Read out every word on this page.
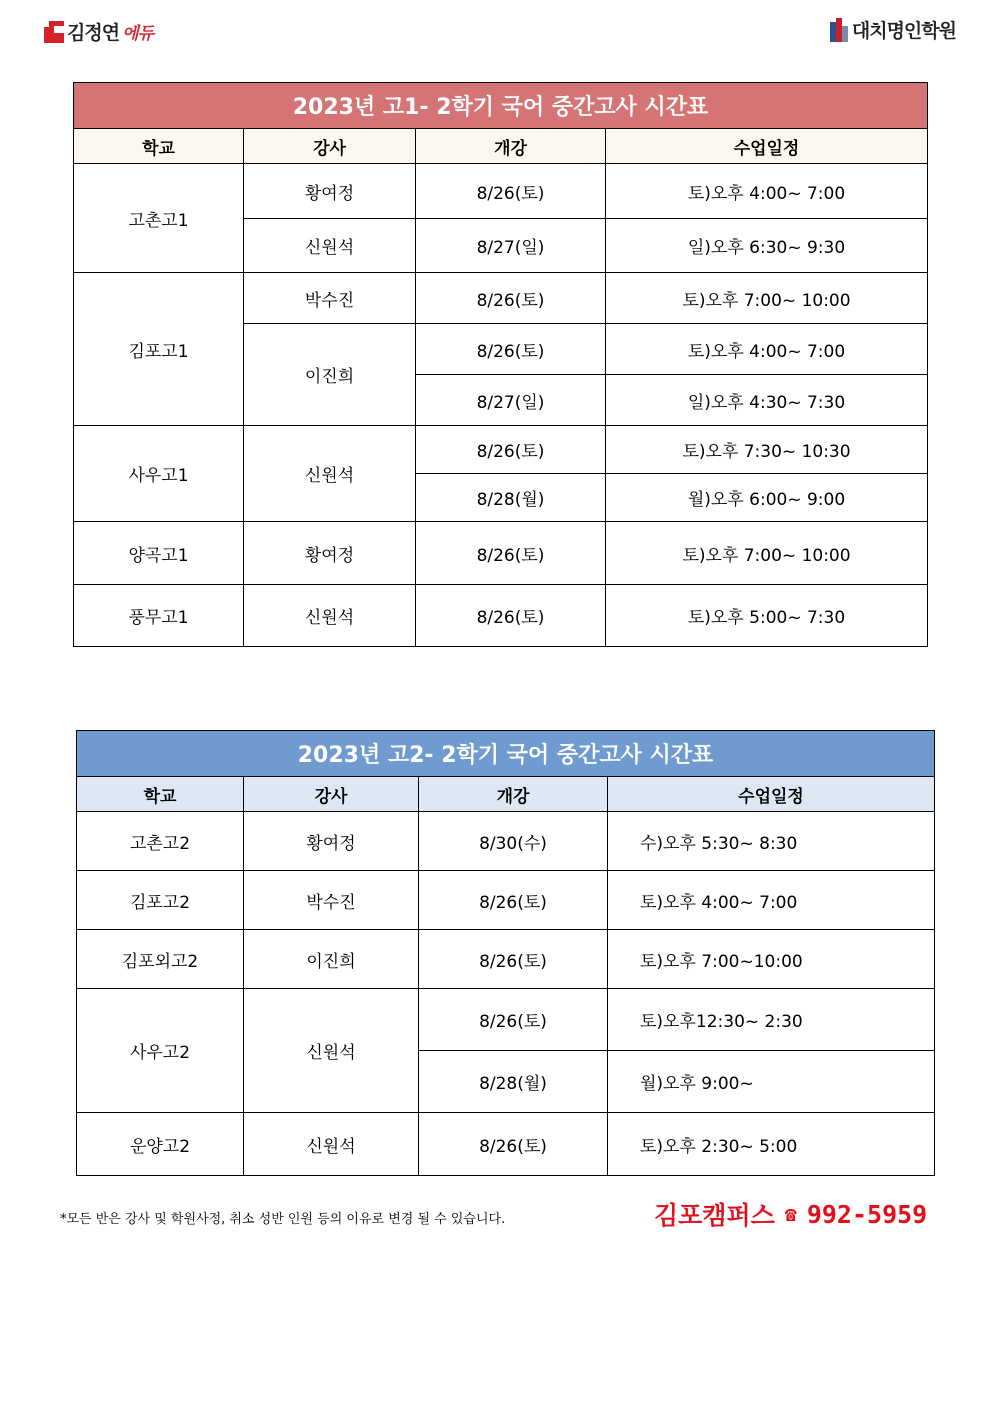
김정연 에듀	대치명인학원
2023년 고1- 2학기 국어 중간고사 시간표			
학교	강사	개강	수업일정
고촌고1	황여정	8/26(토)	토)오후 4:00~ 7:00
	신원석	8/27(일)	일)오후 6:30~ 9:30
김포고1	박수진	8/26(토)	토)오후 7:00~ 10:00
	이진희	8/26(토)	토)오후 4:00~ 7:00
		8/27(일)	일)오후 4:30~ 7:30
사우고1	신원석	8/26(토)	토)오후 7:30~ 10:30
		8/28(월)	월)오후 6:00~ 9:00
양곡고1	황여정	8/26(토)	토)오후 7:00~ 10:00
풍무고1	신원석	8/26(토)	토)오후 5:00~ 7:30
2023년 고2- 2학기 국어 중간고사 시간표			
학교	강사	개강	수업일정
고촌고2	황여정	8/30(수)	수)오후 5:30~ 8:30
김포고2	박수진	8/26(토)	토)오후 4:00~ 7:00
김포외고2	이진희	8/26(토)	토)오후 7:00~10:00
사우고2	신원석	8/26(토)	토)오후12:30~ 2:30
		8/28(월)	월)오후 9:00~
운양고2	신원석	8/26(토)	토)오후 2:30~ 5:00
*모든 반은 강사 및 학원사정, 취소 성반 인원 등의 이유로 변경 될 수 있습니다.	김포캠퍼스 ☎ 992-5959
